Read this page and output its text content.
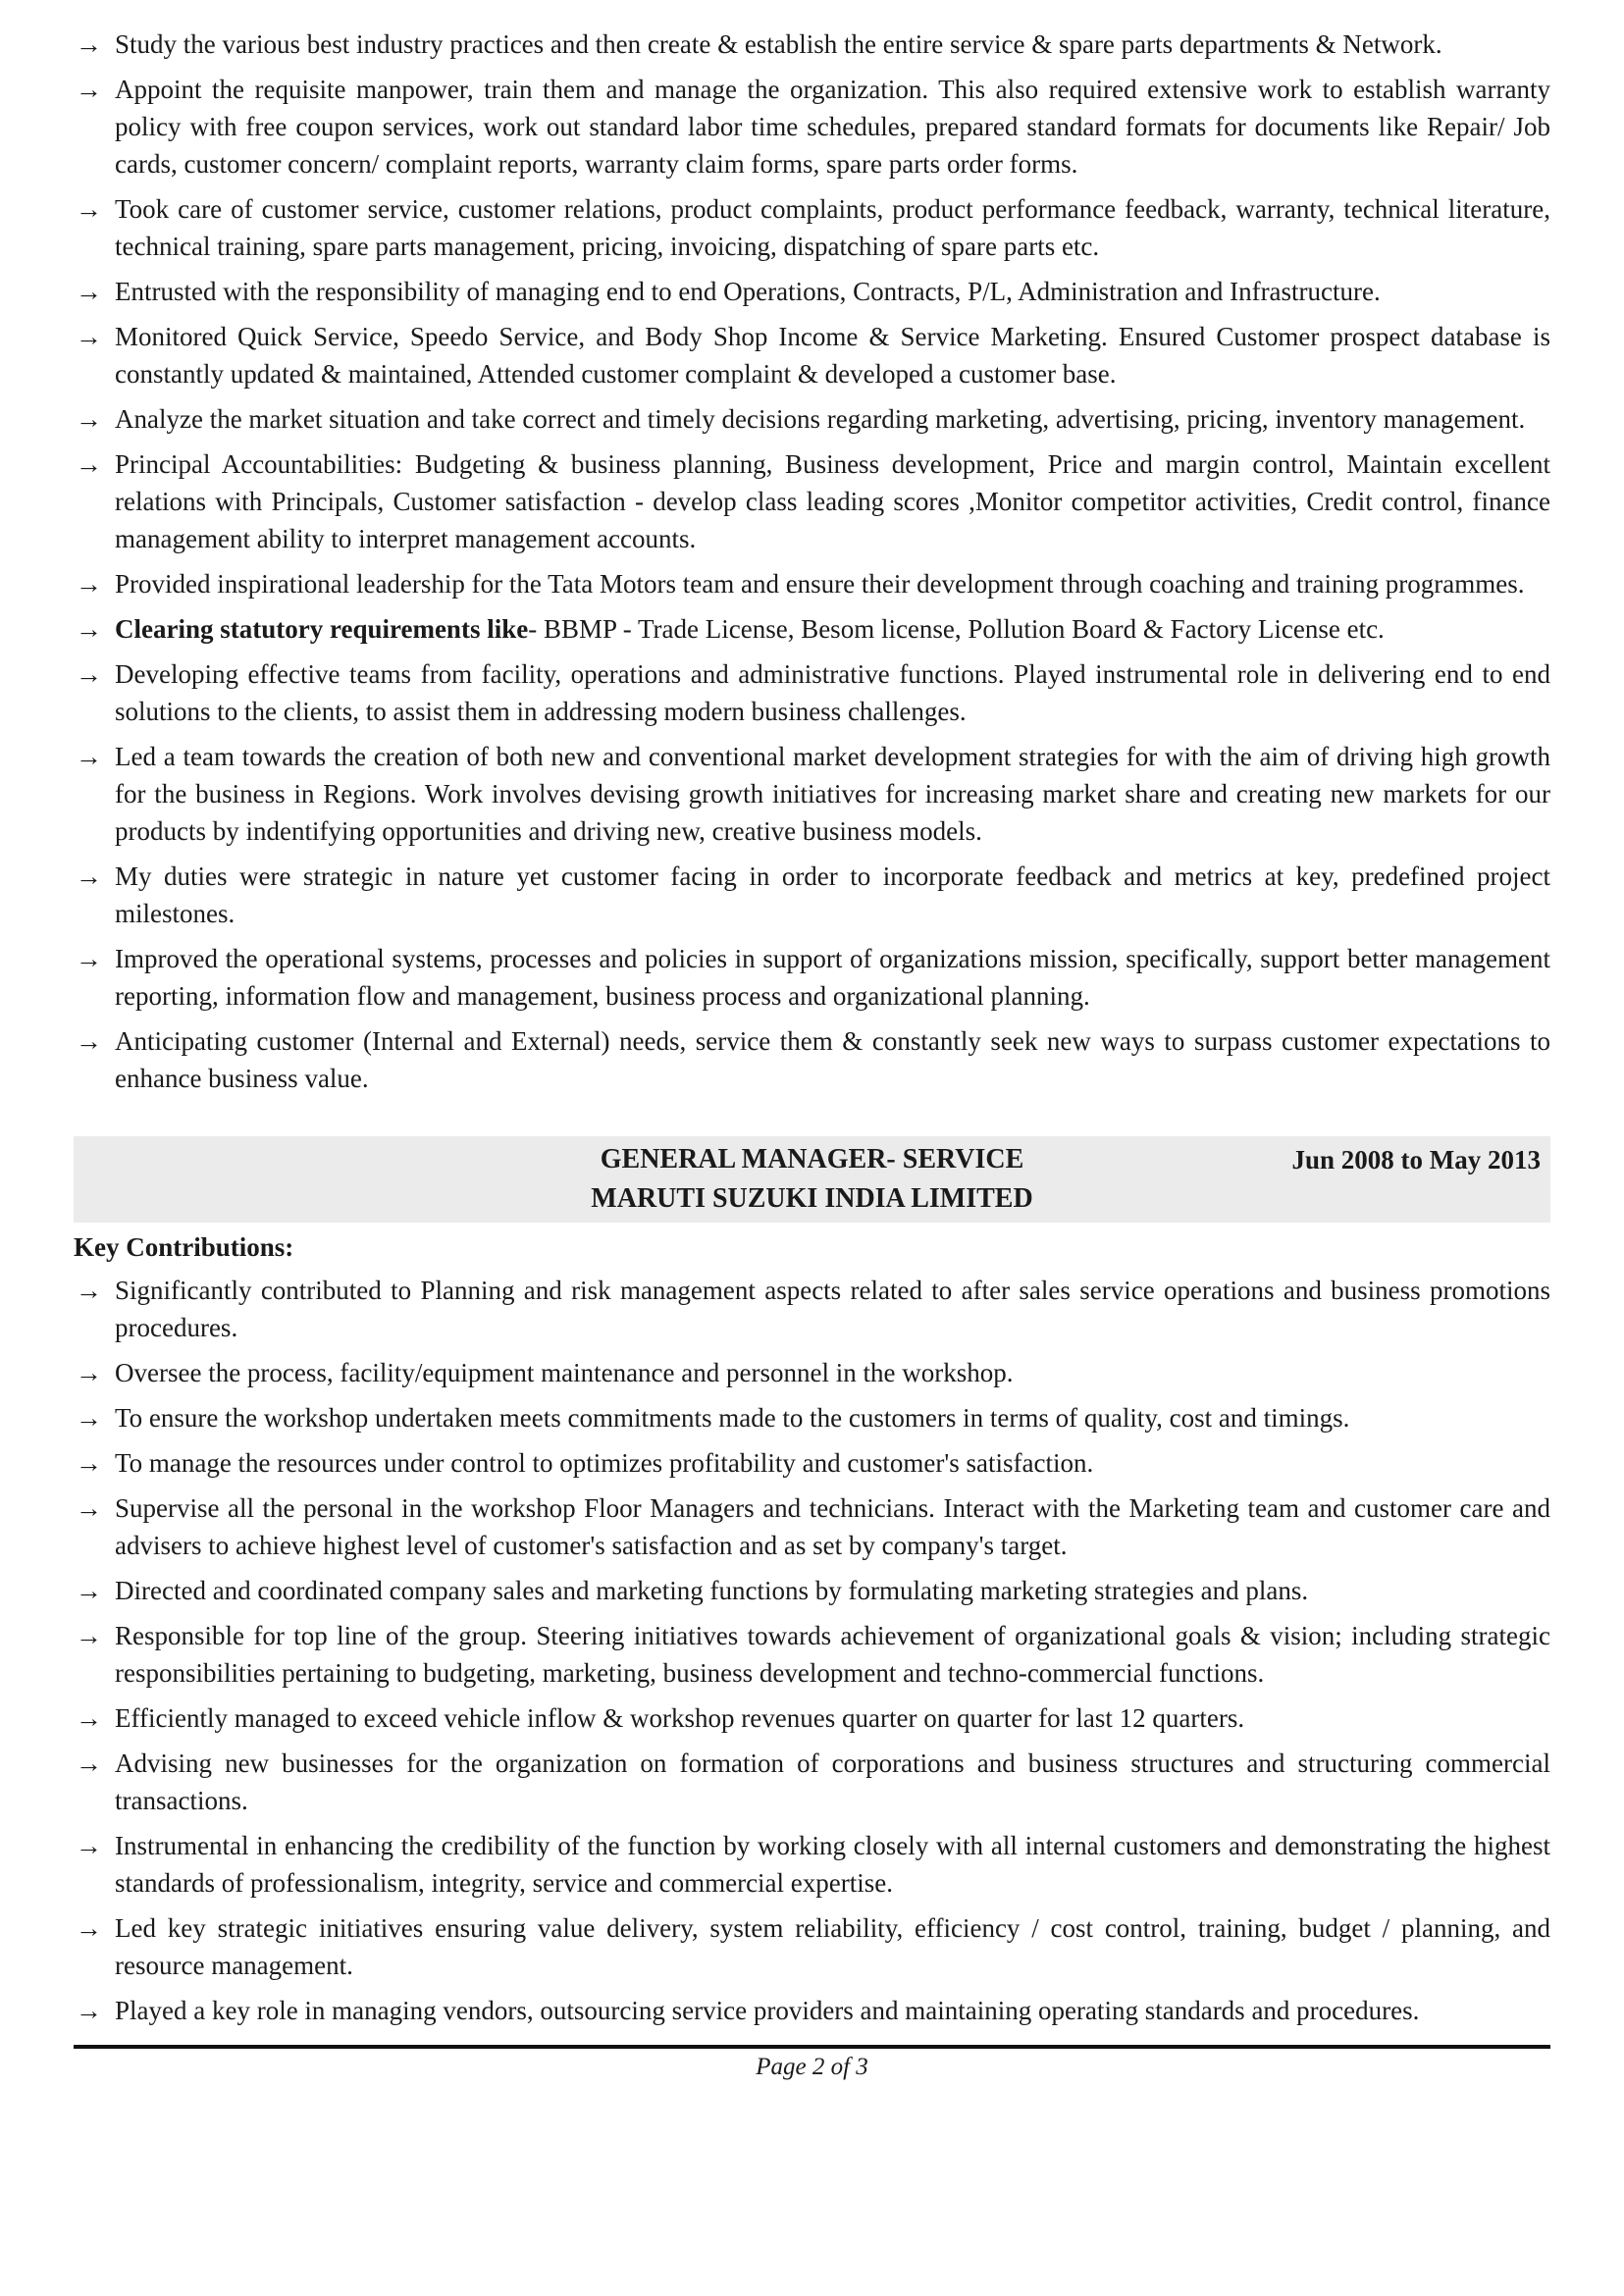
→ Study the various best industry practices and then create & establish the entire service & spare parts departments & Network.
→ Appoint the requisite manpower, train them and manage the organization. This also required extensive work to establish warranty policy with free coupon services, work out standard labor time schedules, prepared standard formats for documents like Repair/ Job cards, customer concern/ complaint reports, warranty claim forms, spare parts order forms.
→ Took care of customer service, customer relations, product complaints, product performance feedback, warranty, technical literature, technical training, spare parts management, pricing, invoicing, dispatching of spare parts etc.
→ Entrusted with the responsibility of managing end to end Operations, Contracts, P/L, Administration and Infrastructure.
→ Monitored Quick Service, Speedo Service, and Body Shop Income & Service Marketing. Ensured Customer prospect database is constantly updated & maintained, Attended customer complaint & developed a customer base.
→ Analyze the market situation and take correct and timely decisions regarding marketing, advertising, pricing, inventory management.
→ Principal Accountabilities: Budgeting & business planning, Business development, Price and margin control, Maintain excellent relations with Principals, Customer satisfaction - develop class leading scores ,Monitor competitor activities, Credit control, finance management ability to interpret management accounts.
→ Provided inspirational leadership for the Tata Motors team and ensure their development through coaching and training programmes.
→ Clearing statutory requirements like- BBMP - Trade License, Besom license, Pollution Board & Factory License etc.
→ Developing effective teams from facility, operations and administrative functions. Played instrumental role in delivering end to end solutions to the clients, to assist them in addressing modern business challenges.
→ Led a team towards the creation of both new and conventional market development strategies for with the aim of driving high growth for the business in Regions. Work involves devising growth initiatives for increasing market share and creating new markets for our products by indentifying opportunities and driving new, creative business models.
→ My duties were strategic in nature yet customer facing in order to incorporate feedback and metrics at key, predefined project milestones.
→ Improved the operational systems, processes and policies in support of organizations mission, specifically, support better management reporting, information flow and management, business process and organizational planning.
→ Anticipating customer (Internal and External) needs, service them & constantly seek new ways to surpass customer expectations to enhance business value.
GENERAL MANAGER- SERVICE
MARUTI SUZUKI INDIA LIMITED
Jun 2008 to May 2013
Key Contributions:
→ Significantly contributed to Planning and risk management aspects related to after sales service operations and business promotions procedures.
→ Oversee the process, facility/equipment maintenance and personnel in the workshop.
→ To ensure the workshop undertaken meets commitments made to the customers in terms of quality, cost and timings.
→ To manage the resources under control to optimizes profitability and customer's satisfaction.
→ Supervise all the personal in the workshop Floor Managers and technicians. Interact with the Marketing team and customer care and advisers to achieve highest level of customer's satisfaction and as set by company's target.
→ Directed and coordinated company sales and marketing functions by formulating marketing strategies and plans.
→ Responsible for top line of the group. Steering initiatives towards achievement of organizational goals & vision; including strategic responsibilities pertaining to budgeting, marketing, business development and techno-commercial functions.
→ Efficiently managed to exceed vehicle inflow & workshop revenues quarter on quarter for last 12 quarters.
→ Advising new businesses for the organization on formation of corporations and business structures and structuring commercial transactions.
→ Instrumental in enhancing the credibility of the function by working closely with all internal customers and demonstrating the highest standards of professionalism, integrity, service and commercial expertise.
→ Led key strategic initiatives ensuring value delivery, system reliability, efficiency / cost control, training, budget / planning, and resource management.
→ Played a key role in managing vendors, outsourcing service providers and maintaining operating standards and procedures.
Page 2 of 3
